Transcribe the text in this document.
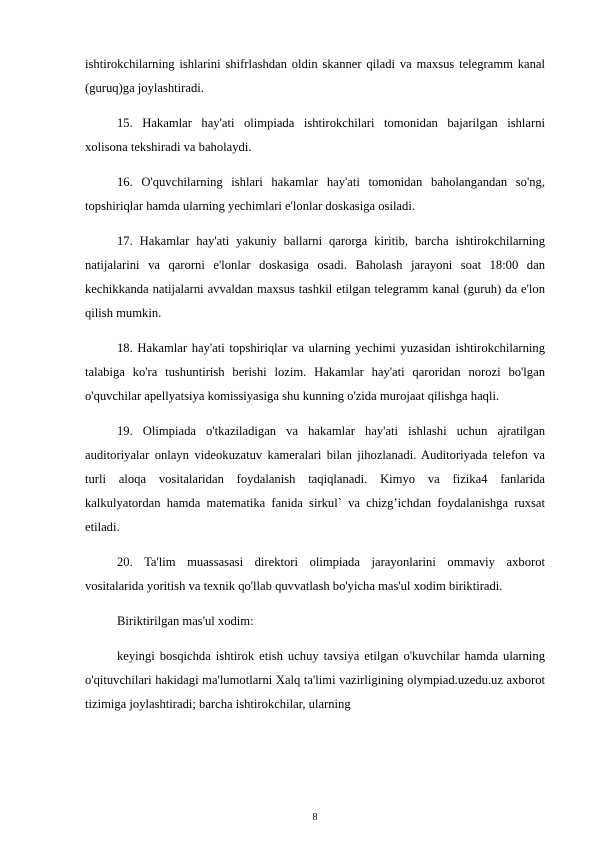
ishtirokchilarning ishlarini shifrlashdan oldin skanner qiladi va maxsus telegramm kanal (guruq)ga joylashtiradi.

15. Hakamlar hay'ati olimpiada ishtirokchilari tomonidan bajarilgan ishlarni xolisona tekshiradi va baholaydi.

16. O'quvchilarning ishlari hakamlar hay'ati tomonidan baholangandan so'ng, topshiriqlar hamda ularning yechimlari e'lonlar doskasiga osiladi.

17. Hakamlar hay'ati yakuniy ballarni qarorga kiritib, barcha ishtirokchilarning natijalarini va qarorni e'lonlar doskasiga osadi. Baholash jarayoni soat 18:00 dan kechikkanda natijalarni avvaldan maxsus tashkil etilgan telegramm kanal (guruh) da e'lon qilish mumkin.

18. Hakamlar hay'ati topshiriqlar va ularning yechimi yuzasidan ishtirokchilarning talabiga ko'ra tushuntirish berishi lozim. Hakamlar hay'ati qaroridan norozi bo'lgan o'quvchilar apellyatsiya komissiyasiga shu kunning o'zida murojaat qilishga haqli.

19. Olimpiada o'tkaziladigan va hakamlar hay'ati ishlashi uchun ajratilgan auditoriyalar onlayn videokuzatuv kameralari bilan jihozlanadi. Auditoriyada telefon va turli aloqa vositalaridan foydalanish taqiqlanadi. Kimyo va fizika4 fanlarida kalkulyatordan hamda matematika fanida sirkul` va chizg’ichdan foydalanishga ruxsat etiladi.

20. Ta'lim muassasasi direktori olimpiada jarayonlarini ommaviy axborot vositalarida yoritish va texnik qo'llab quvvatlash bo'yicha mas'ul xodim biriktiradi.

Biriktirilgan mas'ul xodim:

keyingi bosqichda ishtirok etish uchuy tavsiya etilgan o'kuvchilar hamda ularning o'qituvchilari hakidagi ma'lumotlarni Xalq ta'limi vazirligining olympiad.uzedu.uz axborot tizimiga joylashtiradi; barcha ishtirokchilar, ularning

8
